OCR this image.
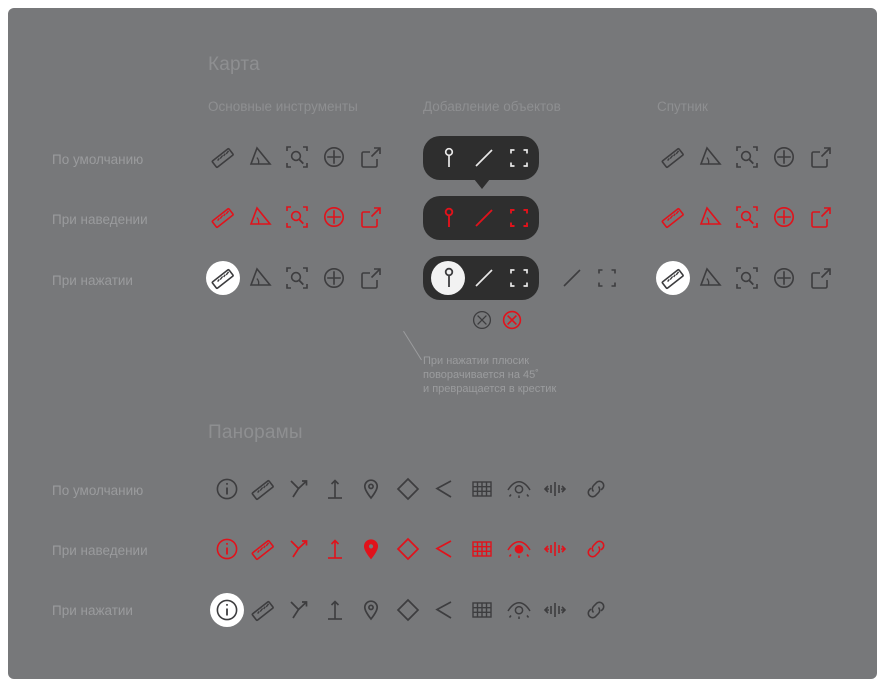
Карта
Панорамы
Основные инструменты	Добавление объектов	Спутник
По умолчанию
При наведении
При нажатии
По умолчанию
При наведении
При нажатии
При нажатии плюсик
поворачивается на 45˚
и превращается в крестик
